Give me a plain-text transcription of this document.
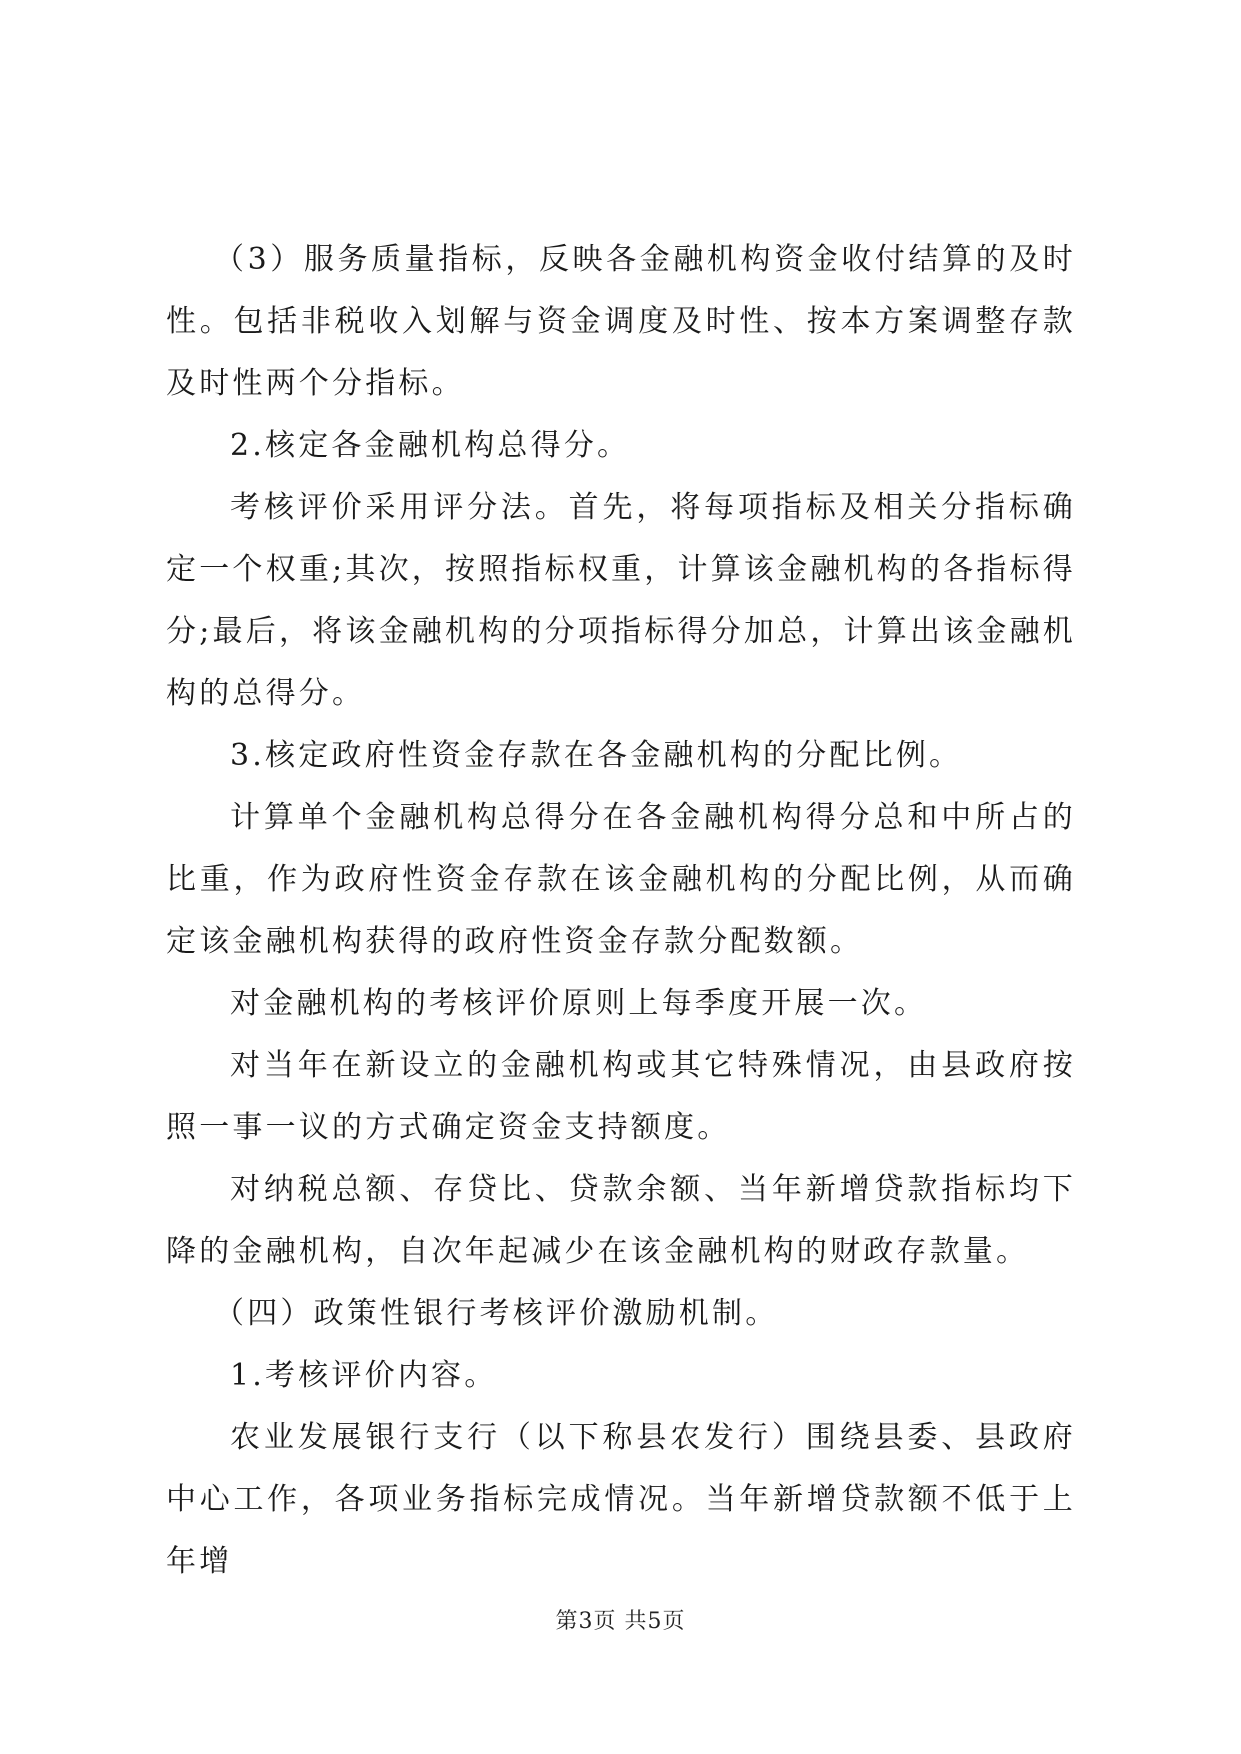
（3）服务质量指标，反映各金融机构资金收付结算的及时性。包括非税收入划解与资金调度及时性、按本方案调整存款及时性两个分指标。

2.核定各金融机构总得分。

考核评价采用评分法。首先，将每项指标及相关分指标确定一个权重;其次，按照指标权重，计算该金融机构的各指标得分;最后，将该金融机构的分项指标得分加总，计算出该金融机构的总得分。

3.核定政府性资金存款在各金融机构的分配比例。

计算单个金融机构总得分在各金融机构得分总和中所占的比重，作为政府性资金存款在该金融机构的分配比例，从而确定该金融机构获得的政府性资金存款分配数额。

对金融机构的考核评价原则上每季度开展一次。

对当年在新设立的金融机构或其它特殊情况，由县政府按照一事一议的方式确定资金支持额度。

对纳税总额、存贷比、贷款余额、当年新增贷款指标均下降的金融机构，自次年起减少在该金融机构的财政存款量。

（四）政策性银行考核评价激励机制。

1.考核评价内容。

农业发展银行支行（以下称县农发行）围绕县委、县政府中心工作，各项业务指标完成情况。当年新增贷款额不低于上年增

第3页 共5页
